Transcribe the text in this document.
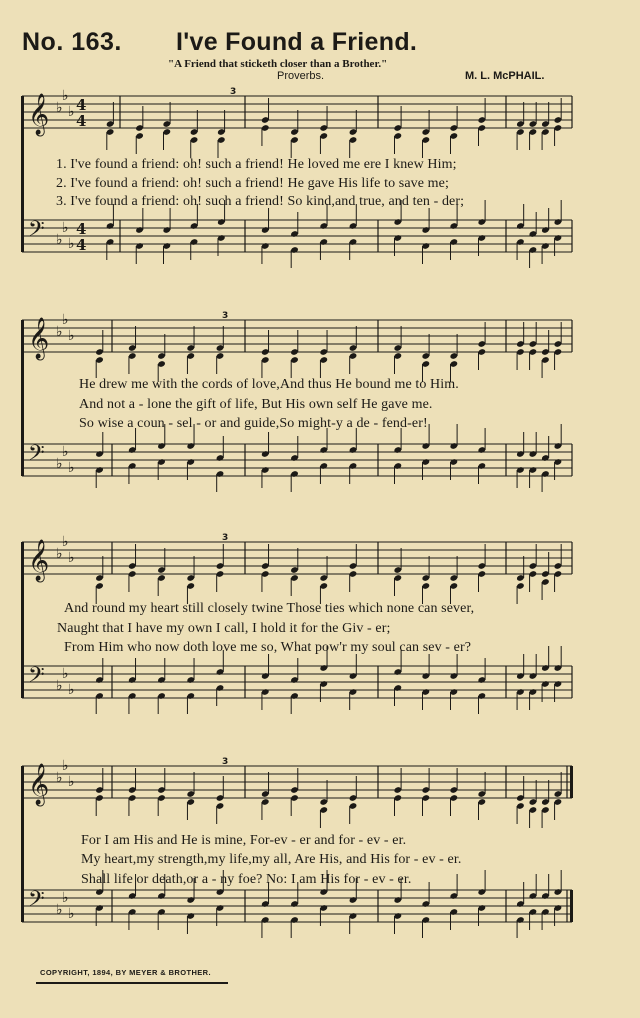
No. 163. I've Found a Friend.
"A Friend that sticketh closer than a Brother."
Proverbs.	M. L. McPHAIL.
𝄞 ♭
♭
♭ 4
4
𝄢 ♭
♭
♭
4
4
3
𝄞 ♭
♭
♭
𝄢 ♭
♭
♭
3
𝄞 ♭
♭
♭
𝄢 ♭
♭
♭
3
𝄞 ♭
♭
♭
𝄢 ♭
♭
♭
3
1. I've found a friend: oh! such a friend! He loved me ere I knew Him;
2. I've found a friend: oh! such a friend! He gave His life to save me;
3. I've found a friend: oh! such a friend! So kind,and true, and ten - der;
He drew me with the cords of love,And thus He bound me to Him.
And not a - lone the gift of life, But His own self He gave me.
So wise a coun - sel - or and guide,So might-y a de - fend-er!
And round my heart still closely twine Those ties which none can sever,
Naught that I have my own I call, I hold it for the Giv - er;
From Him who now doth love me so, What pow'r my soul can sev - er?
For I am His and He is mine, For-ev - er and for - ev - er.
My heart,my strength,my life,my all, Are His, and His for - ev - er.
Shall life or death,or a - ny foe? No: I am His for - ev - er.
COPYRIGHT, 1894, BY MEYER & BROTHER.
